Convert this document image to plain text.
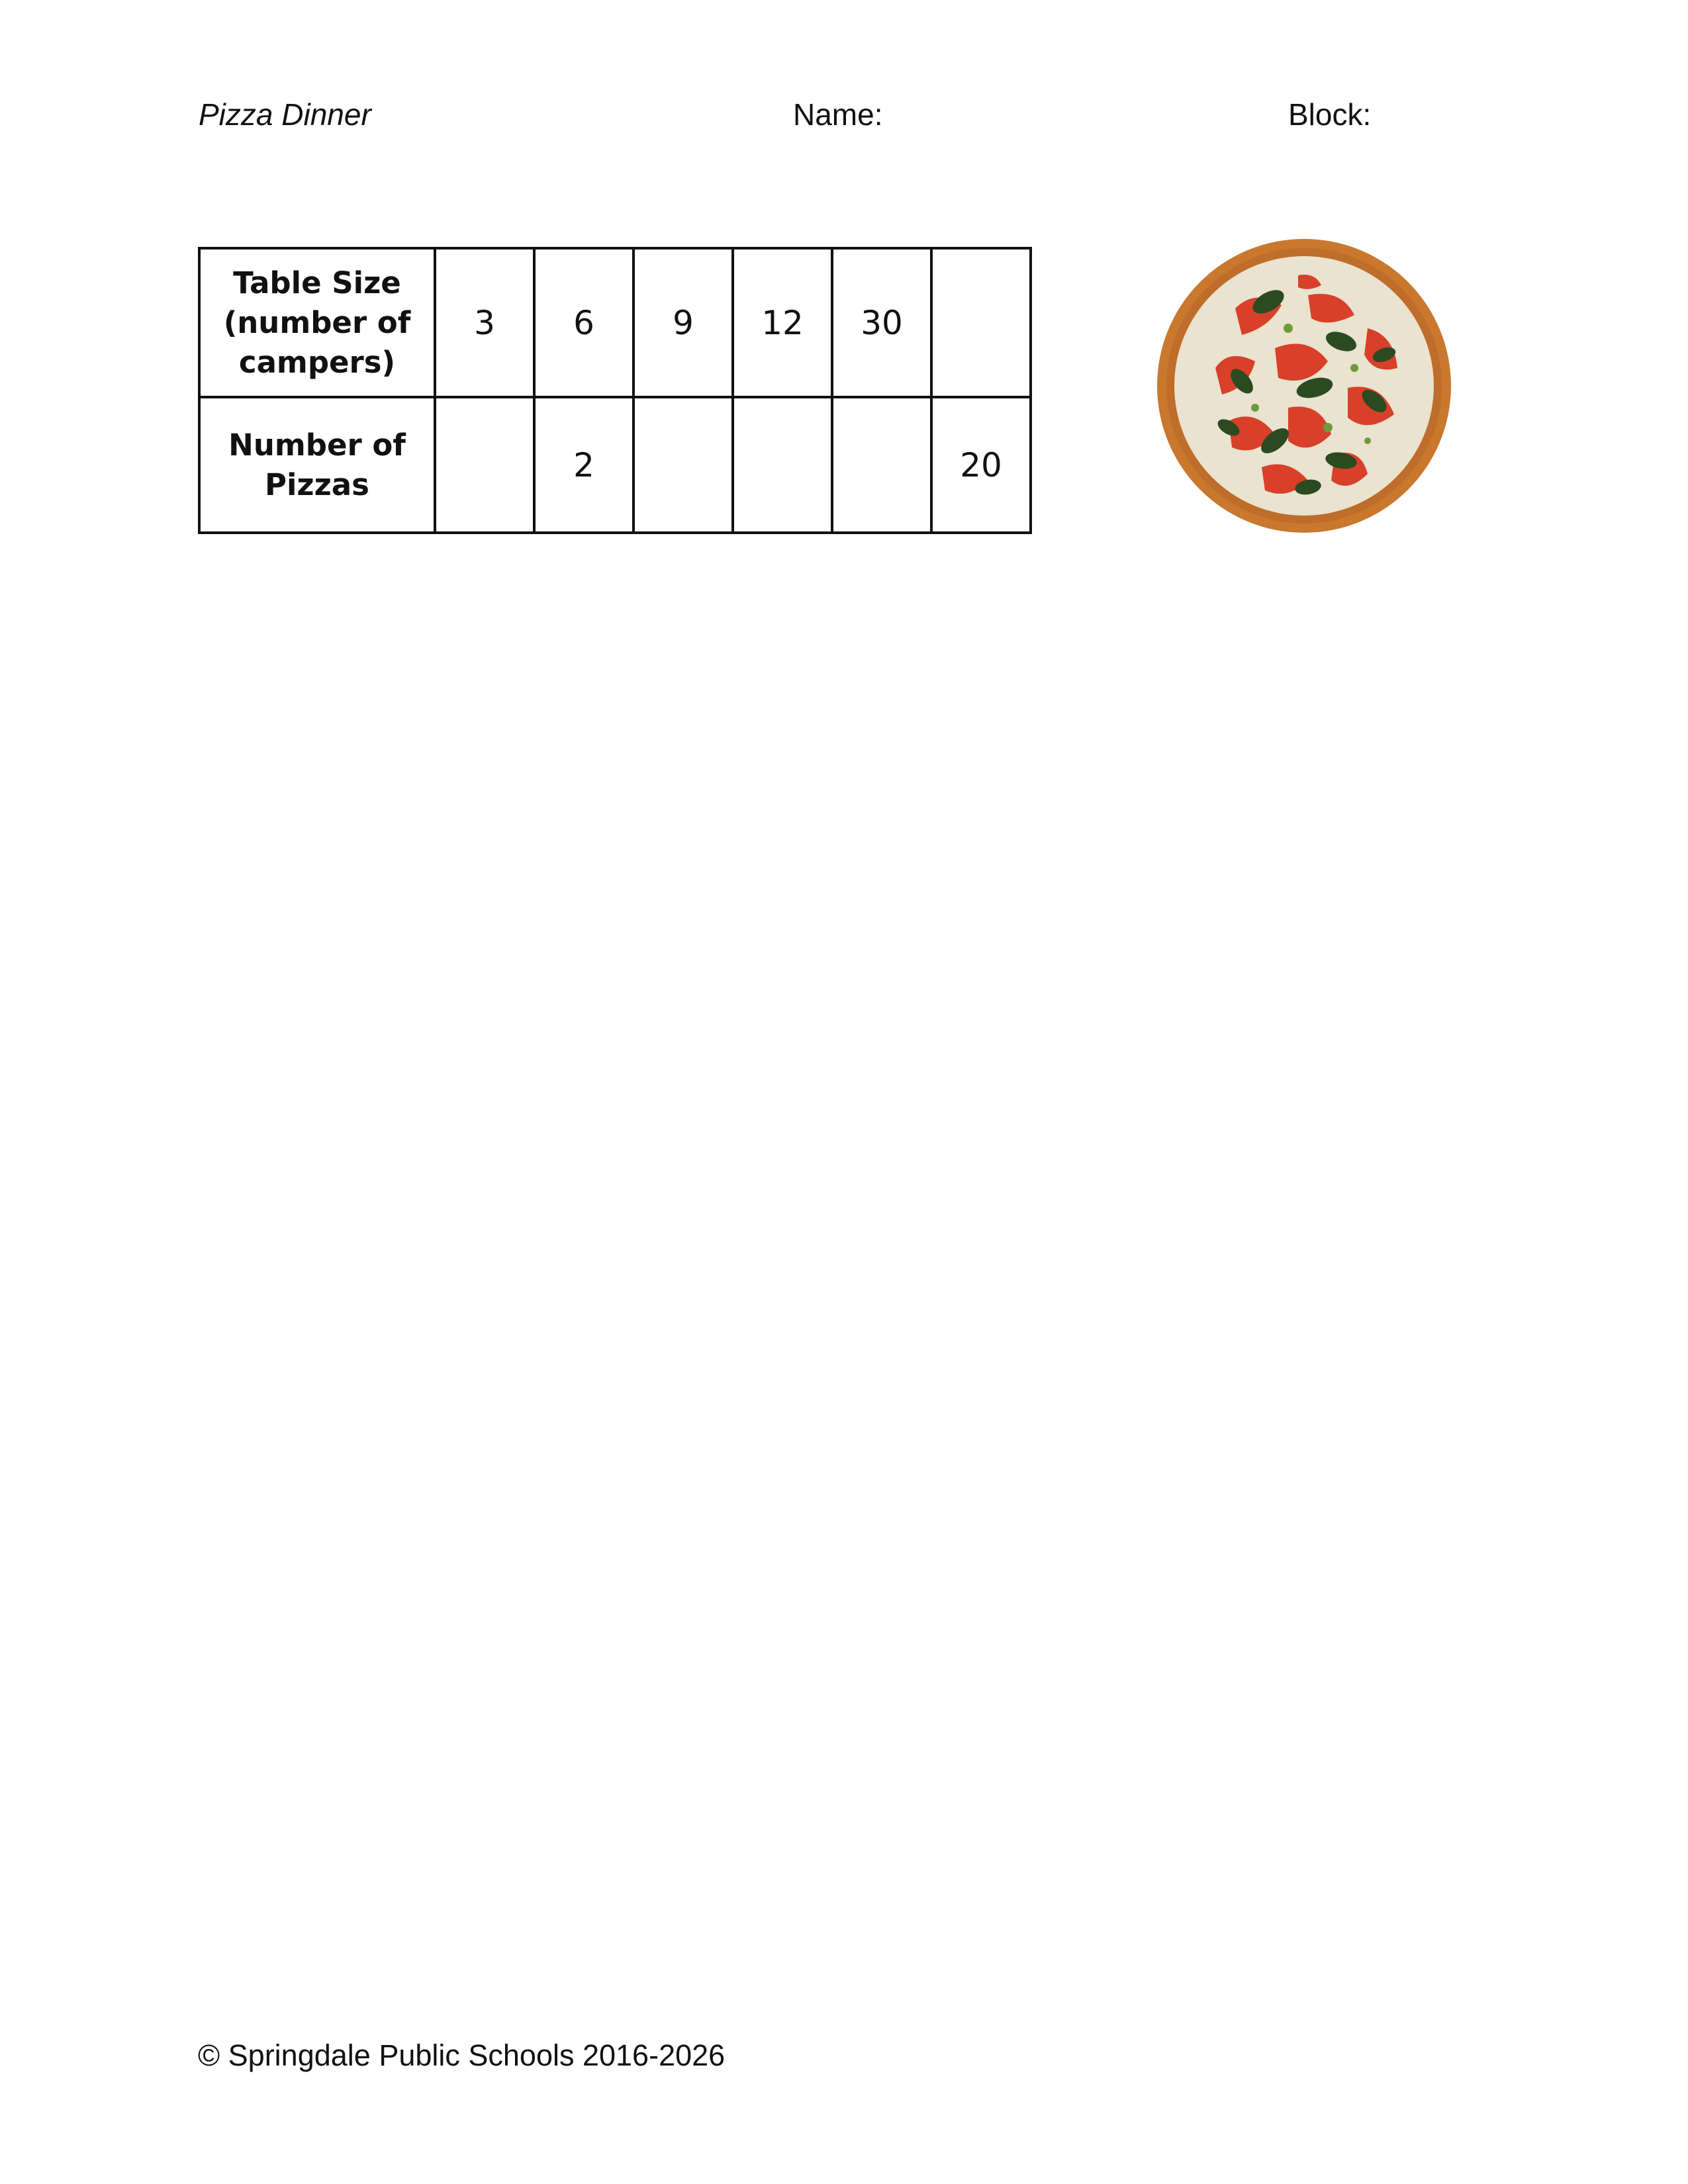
Pizza Dinner	Name:	Block:
Table Size
(number of
campers)	3	6	9	12	30	

Number of
Pizzas		2				20
© Springdale Public Schools 2016-2026
